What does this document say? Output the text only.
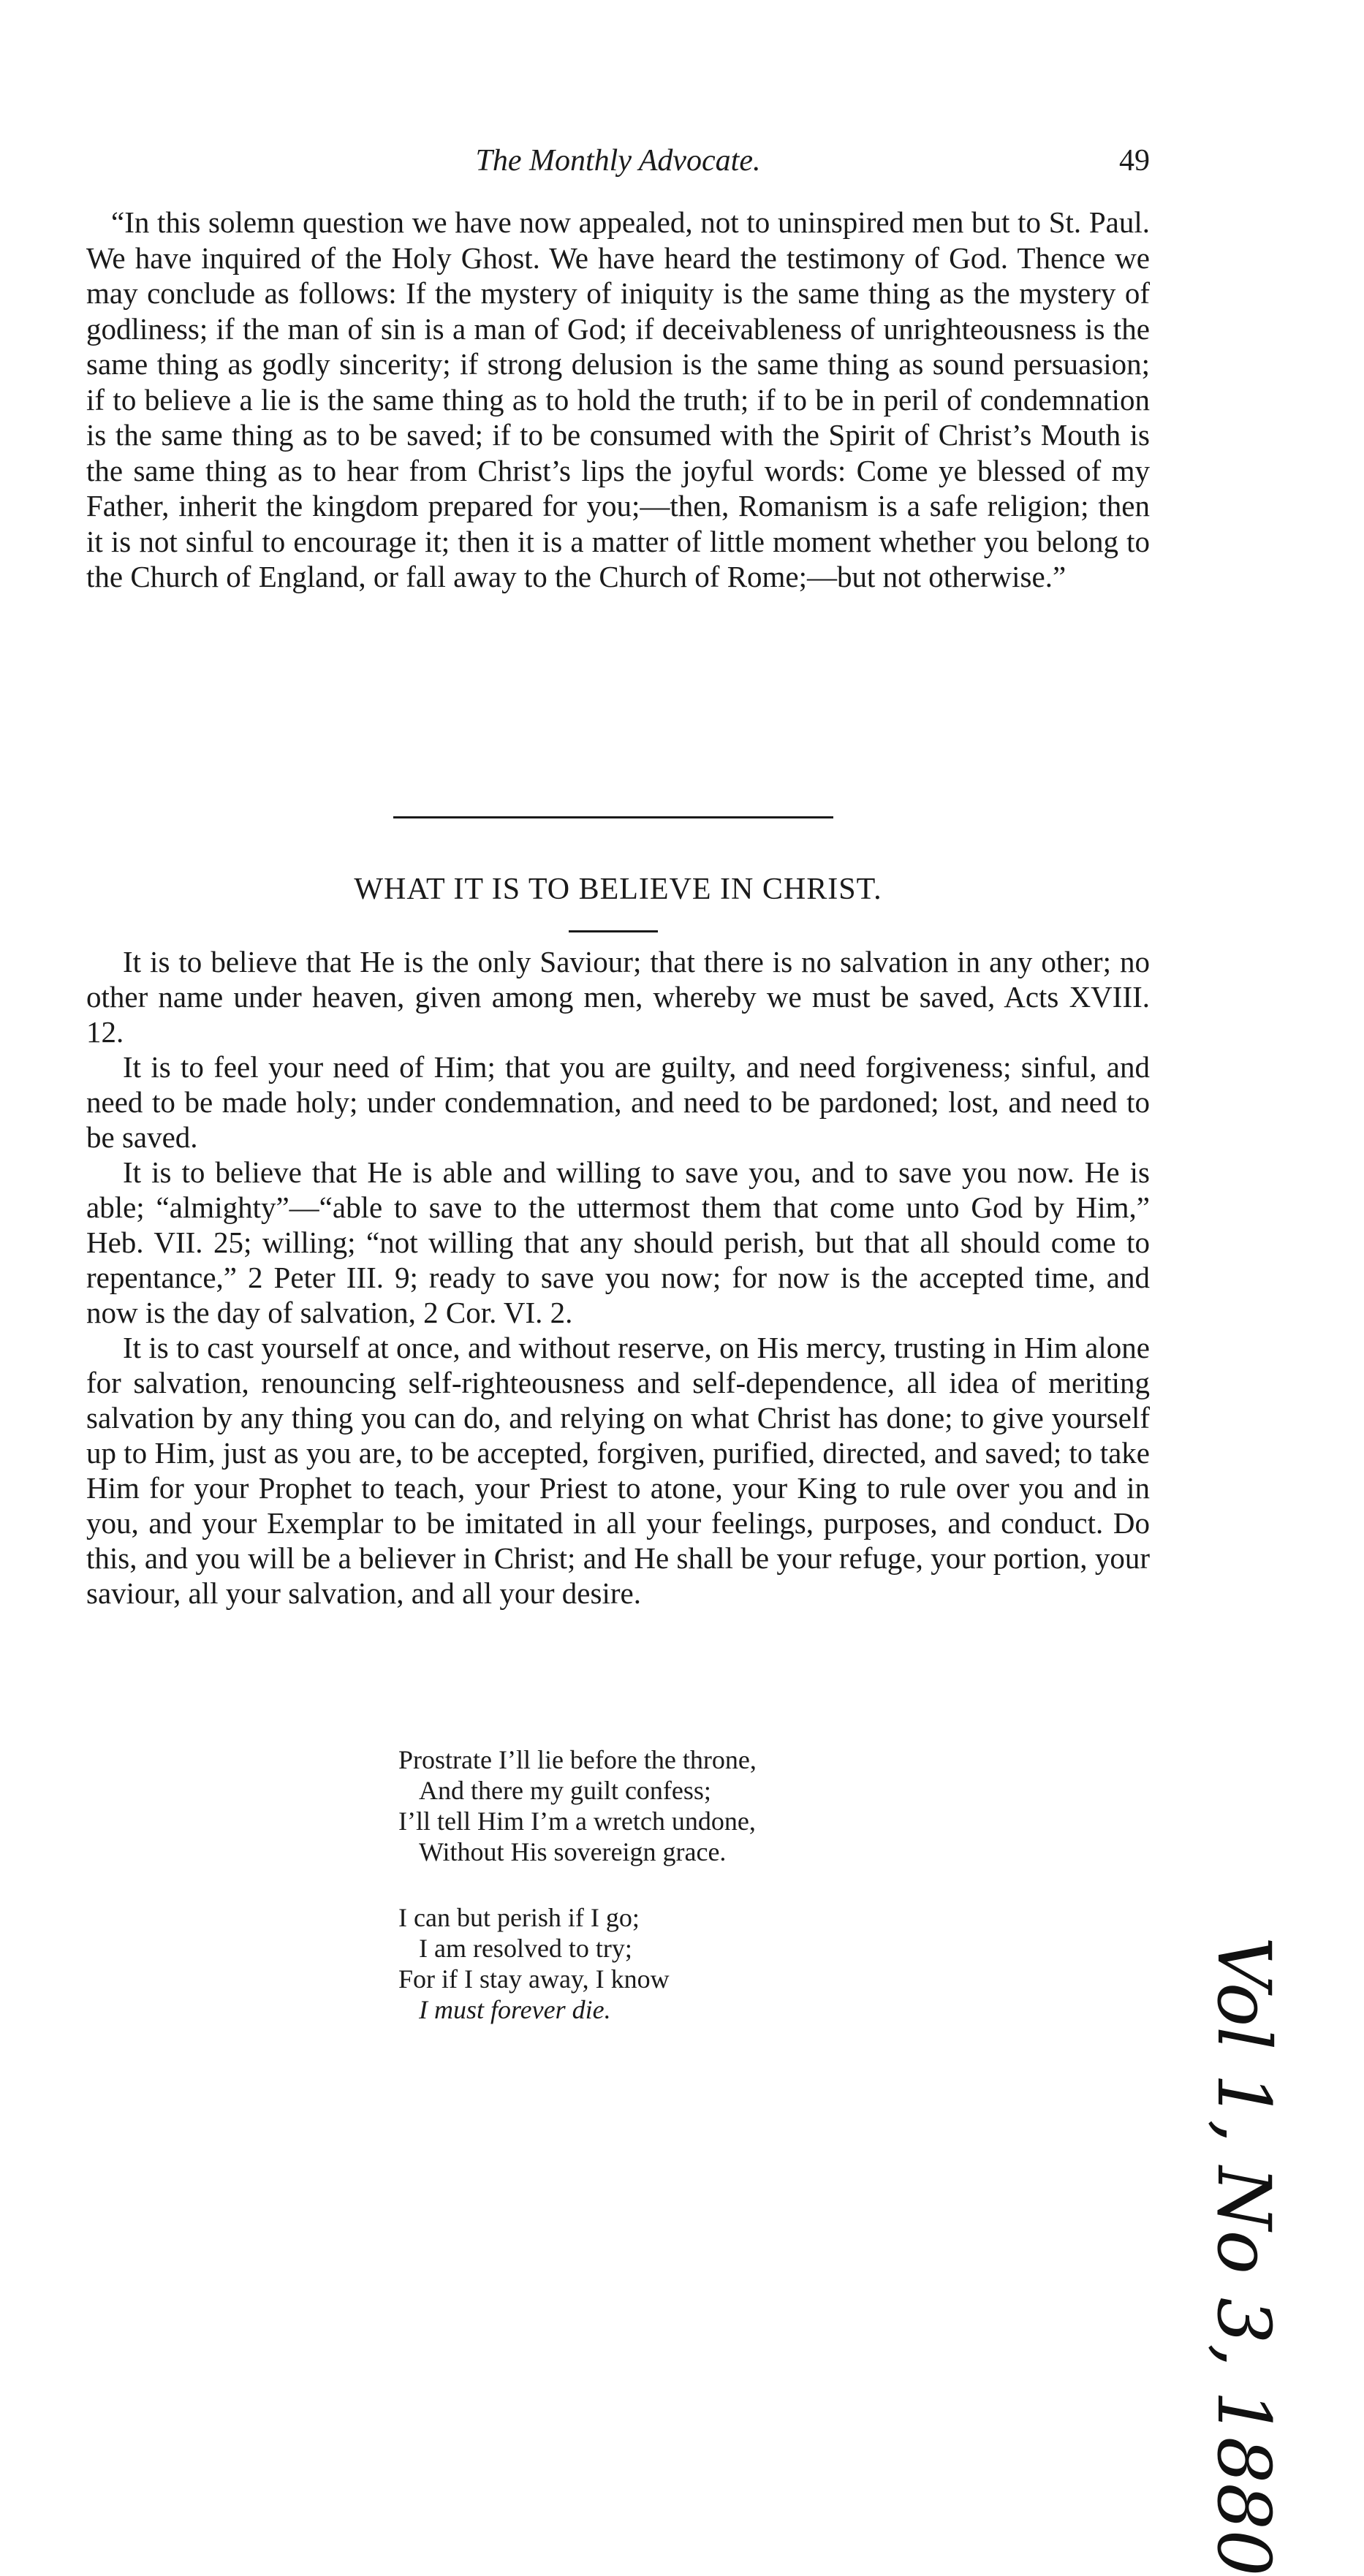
The Monthly Advocate.	49

“In this solemn question we have now appealed, not to uninspired men but to St. Paul. We have inquired of the Holy Ghost. We have heard the testimony of God. Thence we may conclude as follows: If the mystery of iniquity is the same thing as the mystery of godliness; if the man of sin is a man of God; if deceivableness of unrighteousness is the same thing as godly sincerity; if strong delusion is the same thing as sound persuasion; if to believe a lie is the same thing as to hold the truth; if to be in peril of condemnation is the same thing as to be saved; if to be consumed with the Spirit of Christ’s Mouth is the same thing as to hear from Christ’s lips the joyful words: Come ye blessed of my Father, inherit the kingdom prepared for you;—then, Romanism is a safe religion; then it is not sinful to encourage it; then it is a matter of little moment whether you belong to the Church of England, or fall away to the Church of Rome;—but not otherwise.”

WHAT IT IS TO BELIEVE IN CHRIST.

It is to believe that He is the only Saviour; that there is no salvation in any other; no other name under heaven, given among men, whereby we must be saved, Acts XVIII. 12.

It is to feel your need of Him; that you are guilty, and need forgiveness; sinful, and need to be made holy; under condemnation, and need to be pardoned; lost, and need to be saved.

It is to believe that He is able and willing to save you, and to save you now. He is able; “almighty”—“able to save to the uttermost them that come unto God by Him,” Heb. VII. 25; willing; “not willing that any should perish, but that all should come to repentance,” 2 Peter III. 9; ready to save you now; for now is the accepted time, and now is the day of salvation, 2 Cor. VI. 2.

It is to cast yourself at once, and without reserve, on His mercy, trusting in Him alone for salvation, renouncing self-righteousness and self-dependence, all idea of meriting salvation by any thing you can do, and relying on what Christ has done; to give yourself up to Him, just as you are, to be accepted, forgiven, purified, directed, and saved; to take Him for your Prophet to teach, your Priest to atone, your King to rule over you and in you, and your Exemplar to be imitated in all your feelings, purposes, and conduct. Do this, and you will be a believer in Christ; and He shall be your refuge, your portion, your saviour, all your salvation, and all your desire.

Prostrate I’ll lie before the throne,
And there my guilt confess;
I’ll tell Him I’m a wretch undone,
Without His sovereign grace.
I can but perish if I go;
I am resolved to try;
For if I stay away, I know
I must forever die.	Vol 1, No 3, 1880
